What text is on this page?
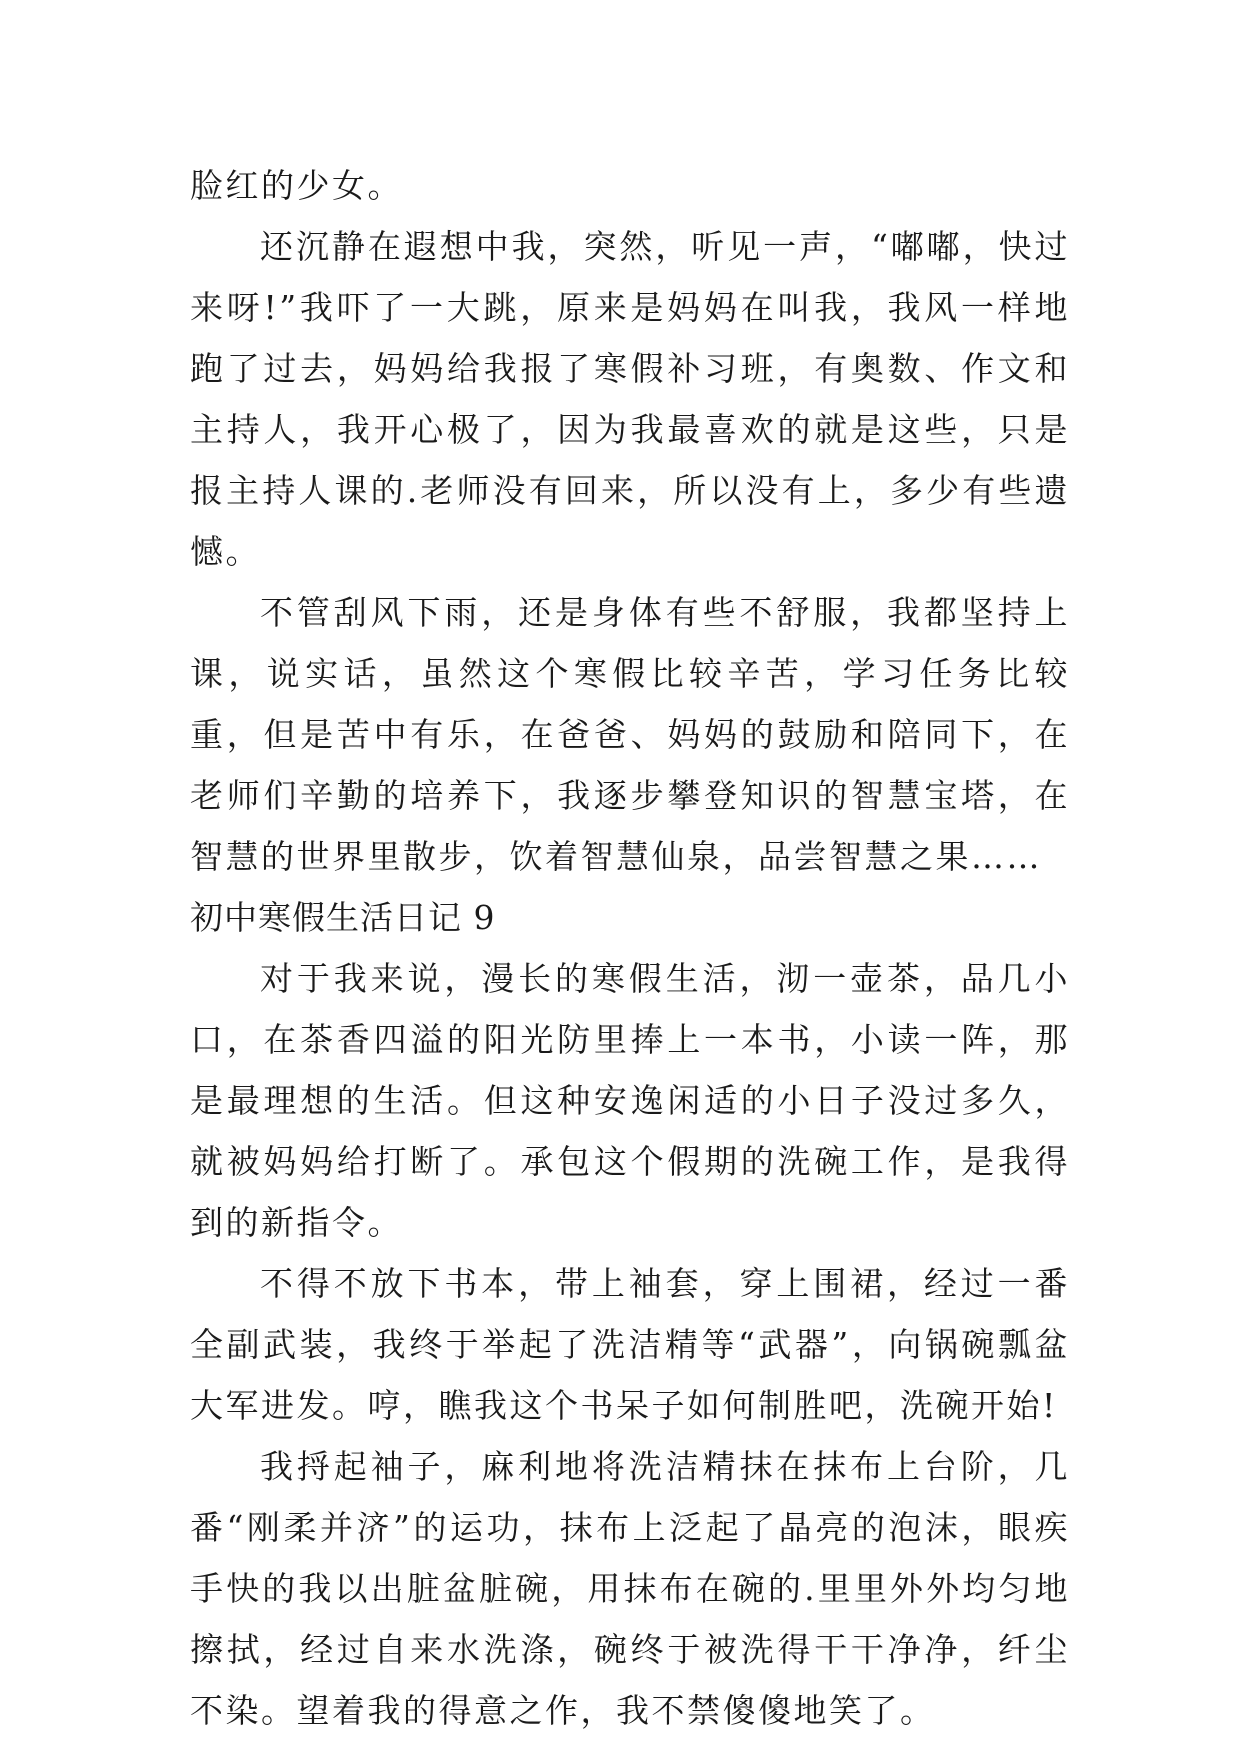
脸红的少女。

还沉静在遐想中我，突然，听见一声，“嘟嘟，快过来呀!”我吓了一大跳，原来是妈妈在叫我，我风一样地跑了过去，妈妈给我报了寒假补习班，有奥数、作文和主持人，我开心极了，因为我最喜欢的就是这些，只是报主持人课的.老师没有回来，所以没有上，多少有些遗憾。

不管刮风下雨，还是身体有些不舒服，我都坚持上课，说实话，虽然这个寒假比较辛苦，学习任务比较重，但是苦中有乐，在爸爸、妈妈的鼓励和陪同下，在老师们辛勤的培养下，我逐步攀登知识的智慧宝塔，在智慧的世界里散步，饮着智慧仙泉，品尝智慧之果……

初中寒假生活日记 9

对于我来说，漫长的寒假生活，沏一壶茶，品几小口，在茶香四溢的阳光防里捧上一本书，小读一阵，那是最理想的生活。但这种安逸闲适的小日子没过多久，就被妈妈给打断了。承包这个假期的洗碗工作，是我得到的新指令。

不得不放下书本，带上袖套，穿上围裙，经过一番全副武装，我终于举起了洗洁精等“武器”，向锅碗瓢盆大军进发。哼，瞧我这个书呆子如何制胜吧，洗碗开始!

我捋起袖子，麻利地将洗洁精抹在抹布上台阶，几番“刚柔并济”的运功，抹布上泛起了晶亮的泡沫，眼疾手快的我以出脏盆脏碗，用抹布在碗的.里里外外均匀地擦拭，经过自来水洗涤，碗终于被洗得干干净净，纤尘不染。望着我的得意之作，我不禁傻傻地笑了。
